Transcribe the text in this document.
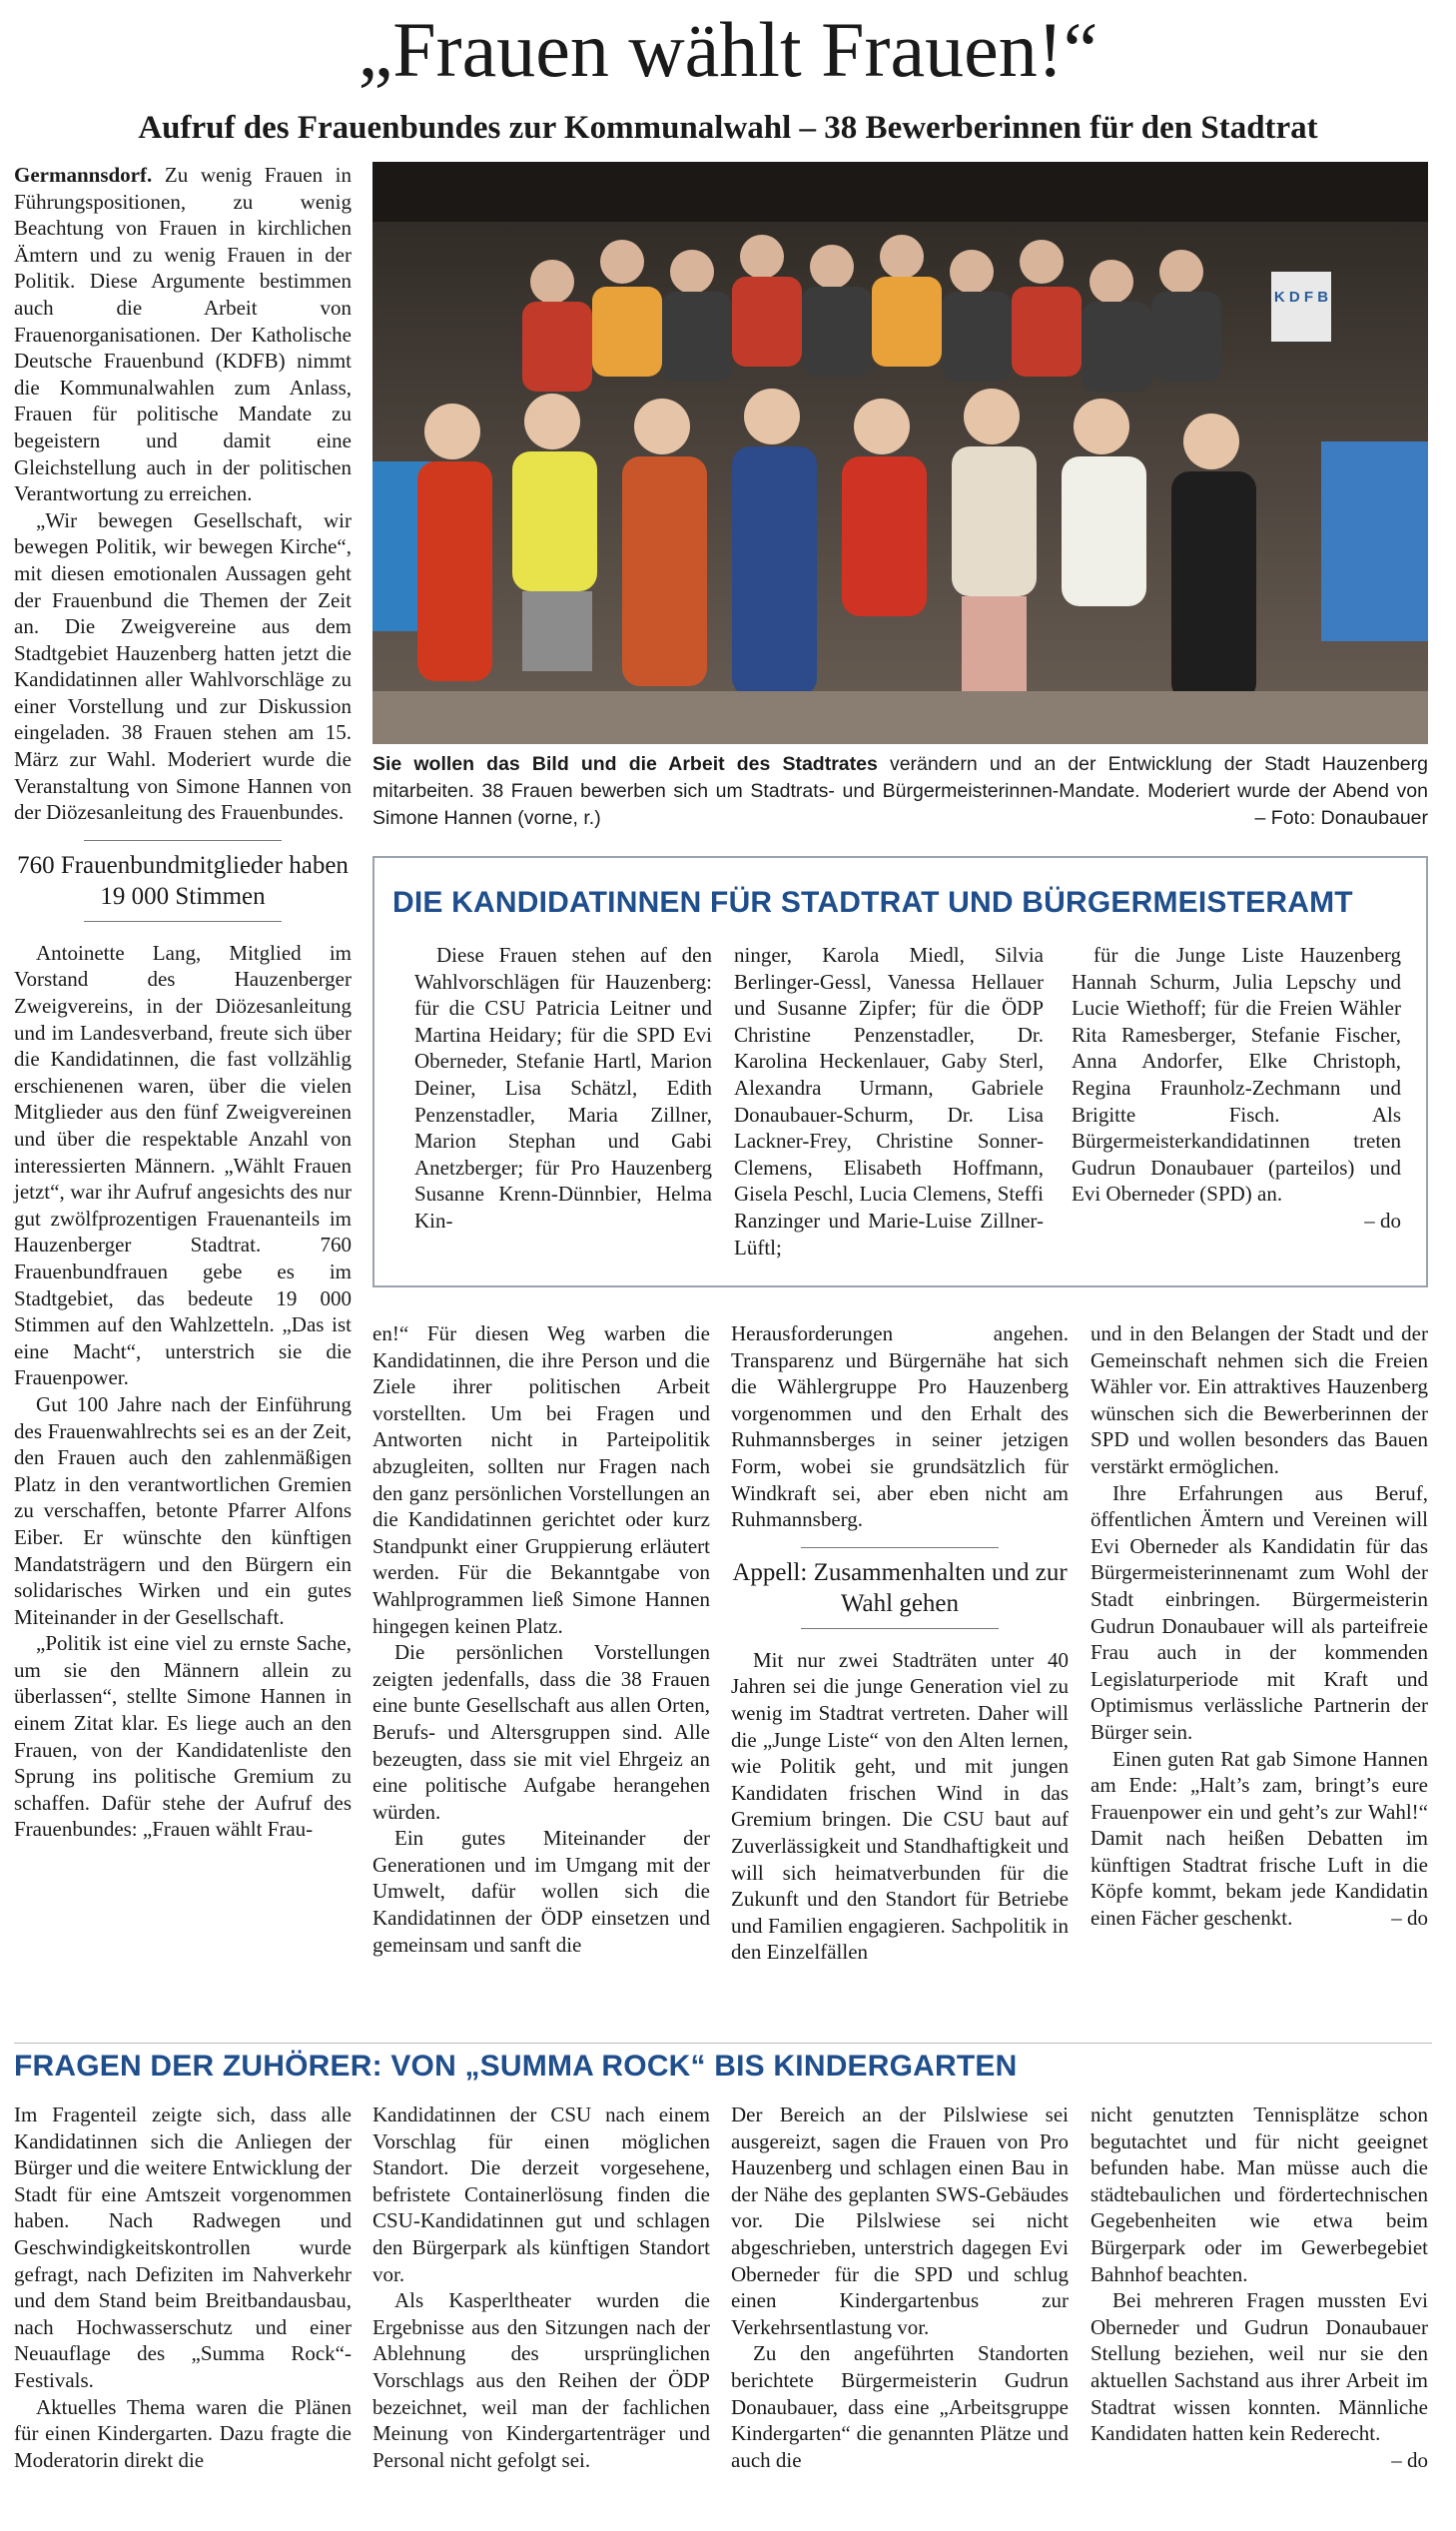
„Frauen wählt Frauen!“
Aufruf des Frauenbundes zur Kommunalwahl – 38 Bewerberinnen für den Stadtrat

Germannsdorf. Zu wenig Frauen in Führungspositionen, zu wenig Beachtung von Frauen in kirchlichen Ämtern und zu wenig Frauen in der Politik. Diese Argumente bestimmen auch die Arbeit von Frauenorganisationen. Der Katholische Deutsche Frauenbund (KDFB) nimmt die Kommunalwahlen zum Anlass, Frauen für politische Mandate zu begeistern und damit eine Gleichstellung auch in der politischen Verantwortung zu erreichen.

„Wir bewegen Gesellschaft, wir bewegen Politik, wir bewegen Kirche“, mit diesen emotionalen Aussagen geht der Frauenbund die Themen der Zeit an. Die Zweigvereine aus dem Stadtgebiet Hauzenberg hatten jetzt die Kandidatinnen aller Wahlvorschläge zu einer Vorstellung und zur Diskussion eingeladen. 38 Frauen stehen am 15. März zur Wahl. Moderiert wurde die Veranstaltung von Simone Hannen von der Diözesanleitung des Frauenbundes.

760 Frauenbundmitglieder haben 19 000 Stimmen

Antoinette Lang, Mitglied im Vorstand des Hauzenberger Zweigvereins, in der Diözesanleitung und im Landesverband, freute sich über die Kandidatinnen, die fast vollzählig erschienenen waren, über die vielen Mitglieder aus den fünf Zweigvereinen und über die respektable Anzahl von interessierten Männern. „Wählt Frauen jetzt“, war ihr Aufruf angesichts des nur gut zwölfprozentigen Frauenanteils im Hauzenberger Stadtrat. 760 Frauenbundfrauen gebe es im Stadtgebiet, das bedeute 19 000 Stimmen auf den Wahlzetteln. „Das ist eine Macht“, unterstrich sie die Frauenpower.

Gut 100 Jahre nach der Einführung des Frauenwahlrechts sei es an der Zeit, den Frauen auch den zahlenmäßigen Platz in den verantwortlichen Gremien zu verschaffen, betonte Pfarrer Alfons Eiber. Er wünschte den künftigen Mandatsträgern und den Bürgern ein solidarisches Wirken und ein gutes Miteinander in der Gesellschaft.

„Politik ist eine viel zu ernste Sache, um sie den Männern allein zu überlassen“, stellte Simone Hannen in einem Zitat klar. Es liege auch an den Frauen, von der Kandidatenliste den Sprung ins politische Gremium zu schaffen. Dafür stehe der Aufruf des Frauenbundes: „Frauen wählt Frau-

K D F B
Sie wollen das Bild und die Arbeit des Stadtrates verändern und an der Entwicklung der Stadt Hauzenberg mitarbeiten. 38 Frauen bewerben sich um Stadtrats- und Bürgermeisterinnen-Mandate. Moderiert wurde der Abend von Simone Hannen (vorne, r.)	– Foto: Donaubauer
DIE KANDIDATINNEN FÜR STADTRAT UND BÜRGERMEISTERAMT

Diese Frauen stehen auf den Wahlvorschlägen für Hauzenberg: für die CSU Patricia Leitner und Martina Heidary; für die SPD Evi Oberneder, Stefanie Hartl, Marion Deiner, Lisa Schätzl, Edith Penzenstadler, Maria Zillner, Marion Stephan und Gabi Anetzberger; für Pro Hauzenberg Susanne Krenn-Dünnbier, Helma Kin-

ninger, Karola Miedl, Silvia Berlinger-Gessl, Vanessa Hellauer und Susanne Zipfer; für die ÖDP Christine Penzenstadler, Dr. Karolina Heckenlauer, Gaby Sterl, Alexandra Urmann, Gabriele Donaubauer-Schurm, Dr. Lisa Lackner-Frey, Christine Sonner-Clemens, Elisabeth Hoffmann, Gisela Peschl, Lucia Clemens, Steffi Ranzinger und Marie-Luise Zillner-Lüftl;

für die Junge Liste Hauzenberg Hannah Schurm, Julia Lepschy und Lucie Wiethoff; für die Freien Wähler Rita Ramesberger, Stefanie Fischer, Anna Andorfer, Elke Christoph, Regina Fraunholz-Zechmann und Brigitte Fisch. Als Bürgermeisterkandidatinnen treten Gudrun Donaubauer (parteilos) und Evi Oberneder (SPD) an.

– do

en!“ Für diesen Weg warben die Kandidatinnen, die ihre Person und die Ziele ihrer politischen Arbeit vorstellten. Um bei Fragen und Antworten nicht in Parteipolitik abzugleiten, sollten nur Fragen nach den ganz persönlichen Vorstellungen an die Kandidatinnen gerichtet oder kurz Standpunkt einer Gruppierung erläutert werden. Für die Bekanntgabe von Wahlprogrammen ließ Simone Hannen hingegen keinen Platz.

Die persönlichen Vorstellungen zeigten jedenfalls, dass die 38 Frauen eine bunte Gesellschaft aus allen Orten, Berufs- und Altersgruppen sind. Alle bezeugten, dass sie mit viel Ehrgeiz an eine politische Aufgabe herangehen würden.

Ein gutes Miteinander der Generationen und im Umgang mit der Umwelt, dafür wollen sich die Kandidatinnen der ÖDP einsetzen und gemeinsam und sanft die

Herausforderungen angehen. Transparenz und Bürgernähe hat sich die Wählergruppe Pro Hauzenberg vorgenommen und den Erhalt des Ruhmannsberges in seiner jetzigen Form, wobei sie grundsätzlich für Windkraft sei, aber eben nicht am Ruhmannsberg.

Appell: Zusammenhalten und zur Wahl gehen

Mit nur zwei Stadträten unter 40 Jahren sei die junge Generation viel zu wenig im Stadtrat vertreten. Daher will die „Junge Liste“ von den Alten lernen, wie Politik geht, und mit jungen Kandidaten frischen Wind in das Gremium bringen. Die CSU baut auf Zuverlässigkeit und Standhaftigkeit und will sich heimatverbunden für die Zukunft und den Standort für Betriebe und Familien engagieren. Sachpolitik in den Einzelfällen

und in den Belangen der Stadt und der Gemeinschaft nehmen sich die Freien Wähler vor. Ein attraktives Hauzenberg wünschen sich die Bewerberinnen der SPD und wollen besonders das Bauen verstärkt ermöglichen.

Ihre Erfahrungen aus Beruf, öffentlichen Ämtern und Vereinen will Evi Oberneder als Kandidatin für das Bürgermeisterinnenamt zum Wohl der Stadt einbringen. Bürgermeisterin Gudrun Donaubauer will als parteifreie Frau auch in der kommenden Legislaturperiode mit Kraft und Optimismus verlässliche Partnerin der Bürger sein.

Einen guten Rat gab Simone Hannen am Ende: „Halt’s zam, bringt’s eure Frauenpower ein und geht’s zur Wahl!“ Damit nach heißen Debatten im künftigen Stadtrat frische Luft in die Köpfe kommt, bekam jede Kandidatin einen Fächer geschenkt.	– do

FRAGEN DER ZUHÖRER: VON „SUMMA ROCK“ BIS KINDERGARTEN

Im Fragenteil zeigte sich, dass alle Kandidatinnen sich die Anliegen der Bürger und die weitere Entwicklung der Stadt für eine Amtszeit vorgenommen haben. Nach Radwegen und Geschwindigkeitskontrollen wurde gefragt, nach Defiziten im Nahverkehr und dem Stand beim Breitbandausbau, nach Hochwasserschutz und einer Neuauflage des „Summa Rock“-Festivals.

Aktuelles Thema waren die Plänen für einen Kindergarten. Dazu fragte die Moderatorin direkt die

Kandidatinnen der CSU nach einem Vorschlag für einen möglichen Standort. Die derzeit vorgesehene, befristete Containerlösung finden die CSU-Kandidatinnen gut und schlagen den Bürgerpark als künftigen Standort vor.

Als Kasperltheater wurden die Ergebnisse aus den Sitzungen nach der Ablehnung des ursprünglichen Vorschlags aus den Reihen der ÖDP bezeichnet, weil man der fachlichen Meinung von Kindergartenträger und Personal nicht gefolgt sei.

Der Bereich an der Pilslwiese sei ausgereizt, sagen die Frauen von Pro Hauzenberg und schlagen einen Bau in der Nähe des geplanten SWS-Gebäudes vor. Die Pilslwiese sei nicht abgeschrieben, unterstrich dagegen Evi Oberneder für die SPD und schlug einen Kindergartenbus zur Verkehrsentlastung vor.

Zu den angeführten Standorten berichtete Bürgermeisterin Gudrun Donaubauer, dass eine „Arbeitsgruppe Kindergarten“ die genannten Plätze und auch die

nicht genutzten Tennisplätze schon begutachtet und für nicht geeignet befunden habe. Man müsse auch die städtebaulichen und fördertechnischen Gegebenheiten wie etwa beim Bürgerpark oder im Gewerbegebiet Bahnhof beachten.

Bei mehreren Fragen mussten Evi Oberneder und Gudrun Donaubauer Stellung beziehen, weil nur sie den aktuellen Sachstand aus ihrer Arbeit im Stadtrat wissen konnten. Männliche Kandidaten hatten kein Rederecht.
– do
